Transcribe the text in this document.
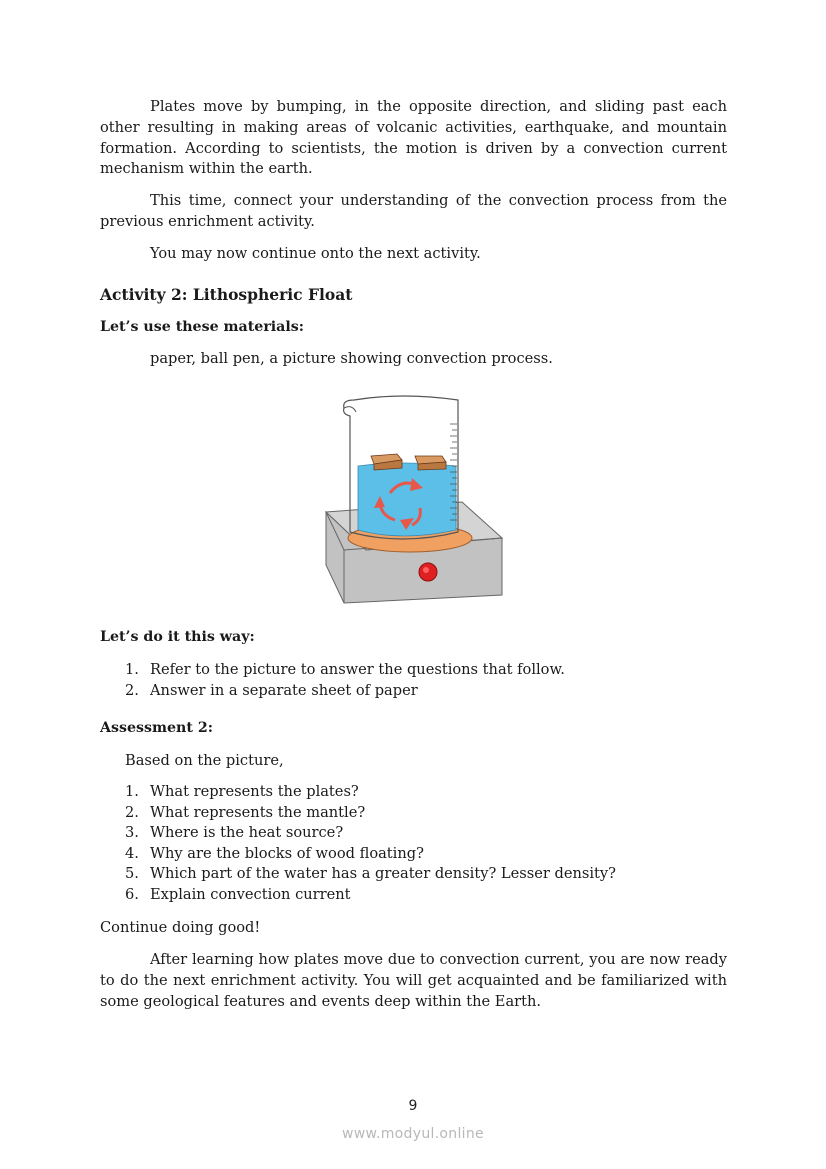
Plates move by bumping, in the opposite direction, and sliding past each other resulting in making areas of volcanic activities, earthquake, and mountain formation. According to scientists, the motion is driven by a convection current mechanism within the earth.

This time, connect your understanding of the convection process from the previous enrichment activity.

You may now continue onto the next activity.

Activity 2: Lithospheric Float
Let’s use these materials:

paper, ball pen, a picture showing convection process.

Let’s do it this way:
1. Refer to the picture to answer the questions that follow.
2. Answer in a separate sheet of paper
Assessment 2:

Based on the picture,

1. What represents the plates?
2. What represents the mantle?
3. Where is the heat source?
4. Why are the blocks of wood floating?
5. Which part of the water has a greater density? Lesser density?
6. Explain convection current

Continue doing good!

After learning how plates move due to convection current, you are now ready to do the next enrichment activity. You will get acquainted and be familiarized with some geological features and events deep within the Earth.

9
www.modyul.online
